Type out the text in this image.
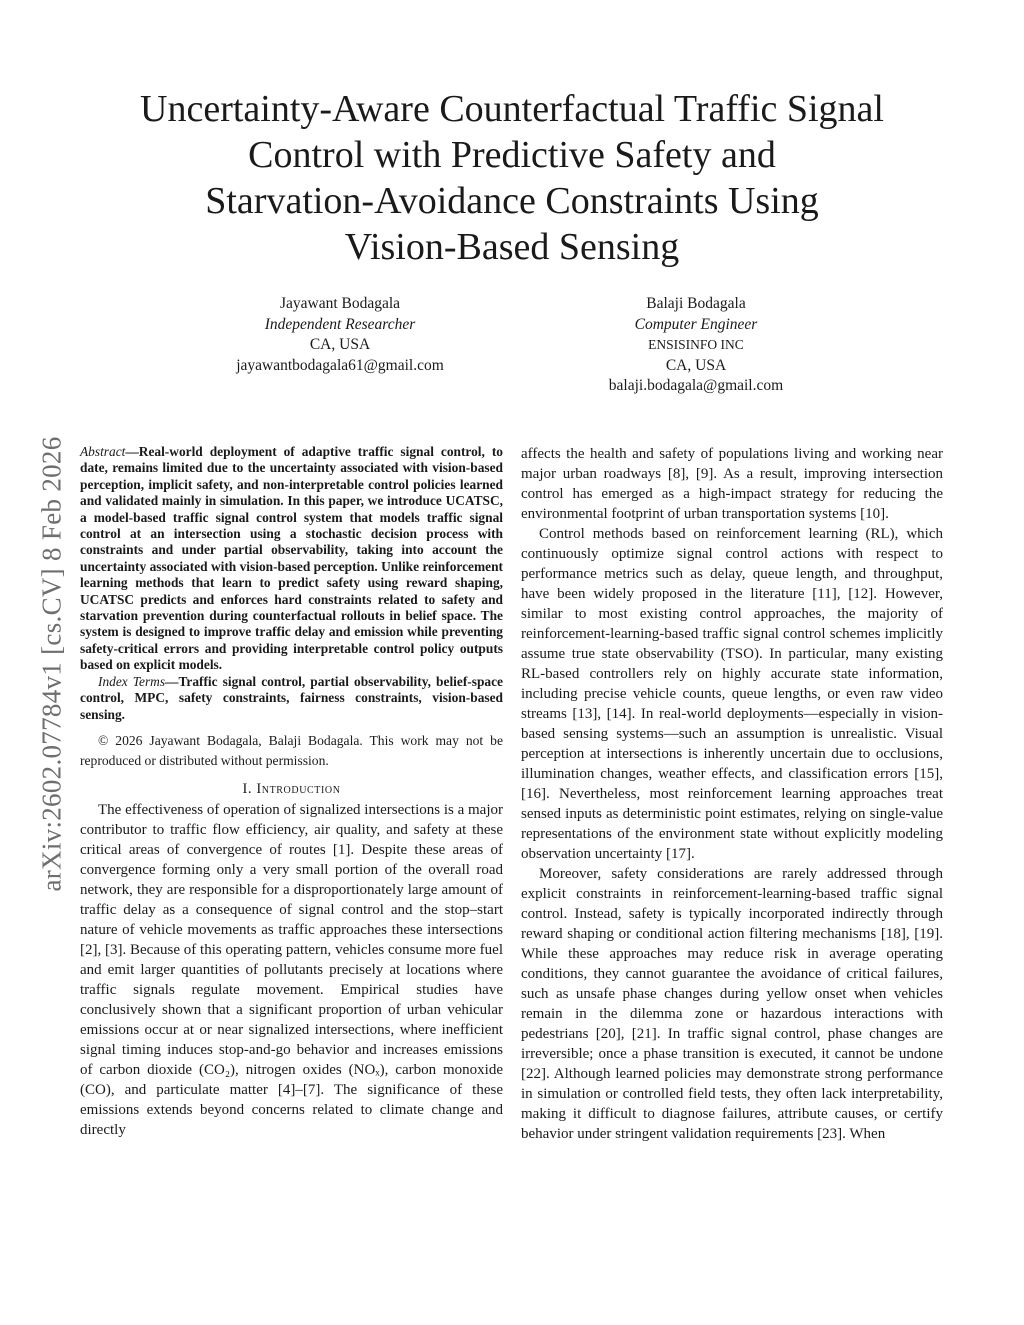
arXiv:2602.07784v1 [cs.CV] 8 Feb 2026
Uncertainty-Aware Counterfactual Traffic Signal
Control with Predictive Safety and
Starvation-Avoidance Constraints Using
Vision-Based Sensing
Jayawant Bodagala
Independent Researcher
CA, USA
jayawantbodagala61@gmail.com
Balaji Bodagala
Computer Engineer
ENSISINFO INC
CA, USA
balaji.bodagala@gmail.com

Abstract—Real-world deployment of adaptive traffic signal control, to date, remains limited due to the uncertainty associated with vision-based perception, implicit safety, and non-interpretable control policies learned and validated mainly in simulation. In this paper, we introduce UCATSC, a model-based traffic signal control system that models traffic signal control at an intersection using a stochastic decision process with constraints and under partial observability, taking into account the uncertainty associated with vision-based perception. Unlike reinforcement learning methods that learn to predict safety using reward shaping, UCATSC predicts and enforces hard constraints related to safety and starvation prevention during counterfactual rollouts in belief space. The system is designed to improve traffic delay and emission while preventing safety-critical errors and providing interpretable control policy outputs based on explicit models.

Index Terms—Traffic signal control, partial observability, belief-space control, MPC, safety constraints, fairness constraints, vision-based sensing.

© 2026 Jayawant Bodagala, Balaji Bodagala. This work may not be reproduced or distributed without permission.

I. Introduction

The effectiveness of operation of signalized intersections is a major contributor to traffic flow efficiency, air quality, and safety at these critical areas of convergence of routes [1]. Despite these areas of convergence forming only a very small portion of the overall road network, they are responsible for a disproportionately large amount of traffic delay as a consequence of signal control and the stop–start nature of vehicle movements as traffic approaches these intersections [2], [3]. Because of this operating pattern, vehicles consume more fuel and emit larger quantities of pollutants precisely at locations where traffic signals regulate movement. Empirical studies have conclusively shown that a significant proportion of urban vehicular emissions occur at or near signalized intersections, where inefficient signal timing induces stop-and-go behavior and increases emissions of carbon dioxide (CO₂), nitrogen oxides (NOₓ), carbon monoxide (CO), and particulate matter [4]–[7]. The significance of these emissions extends beyond concerns related to climate change and directly

affects the health and safety of populations living and working near major urban roadways [8], [9]. As a result, improving intersection control has emerged as a high-impact strategy for reducing the environmental footprint of urban transportation systems [10].

Control methods based on reinforcement learning (RL), which continuously optimize signal control actions with respect to performance metrics such as delay, queue length, and throughput, have been widely proposed in the literature [11], [12]. However, similar to most existing control approaches, the majority of reinforcement-learning-based traffic signal control schemes implicitly assume true state observability (TSO). In particular, many existing RL-based controllers rely on highly accurate state information, including precise vehicle counts, queue lengths, or even raw video streams [13], [14]. In real-world deployments—especially in vision-based sensing systems—such an assumption is unrealistic. Visual perception at intersections is inherently uncertain due to occlusions, illumination changes, weather effects, and classification errors [15], [16]. Nevertheless, most reinforcement learning approaches treat sensed inputs as deterministic point estimates, relying on single-value representations of the environment state without explicitly modeling observation uncertainty [17].

Moreover, safety considerations are rarely addressed through explicit constraints in reinforcement-learning-based traffic signal control. Instead, safety is typically incorporated indirectly through reward shaping or conditional action filtering mechanisms [18], [19]. While these approaches may reduce risk in average operating conditions, they cannot guarantee the avoidance of critical failures, such as unsafe phase changes during yellow onset when vehicles remain in the dilemma zone or hazardous interactions with pedestrians [20], [21]. In traffic signal control, phase changes are irreversible; once a phase transition is executed, it cannot be undone [22]. Although learned policies may demonstrate strong performance in simulation or controlled field tests, they often lack interpretability, making it difficult to diagnose failures, attribute causes, or certify behavior under stringent validation requirements [23]. When
